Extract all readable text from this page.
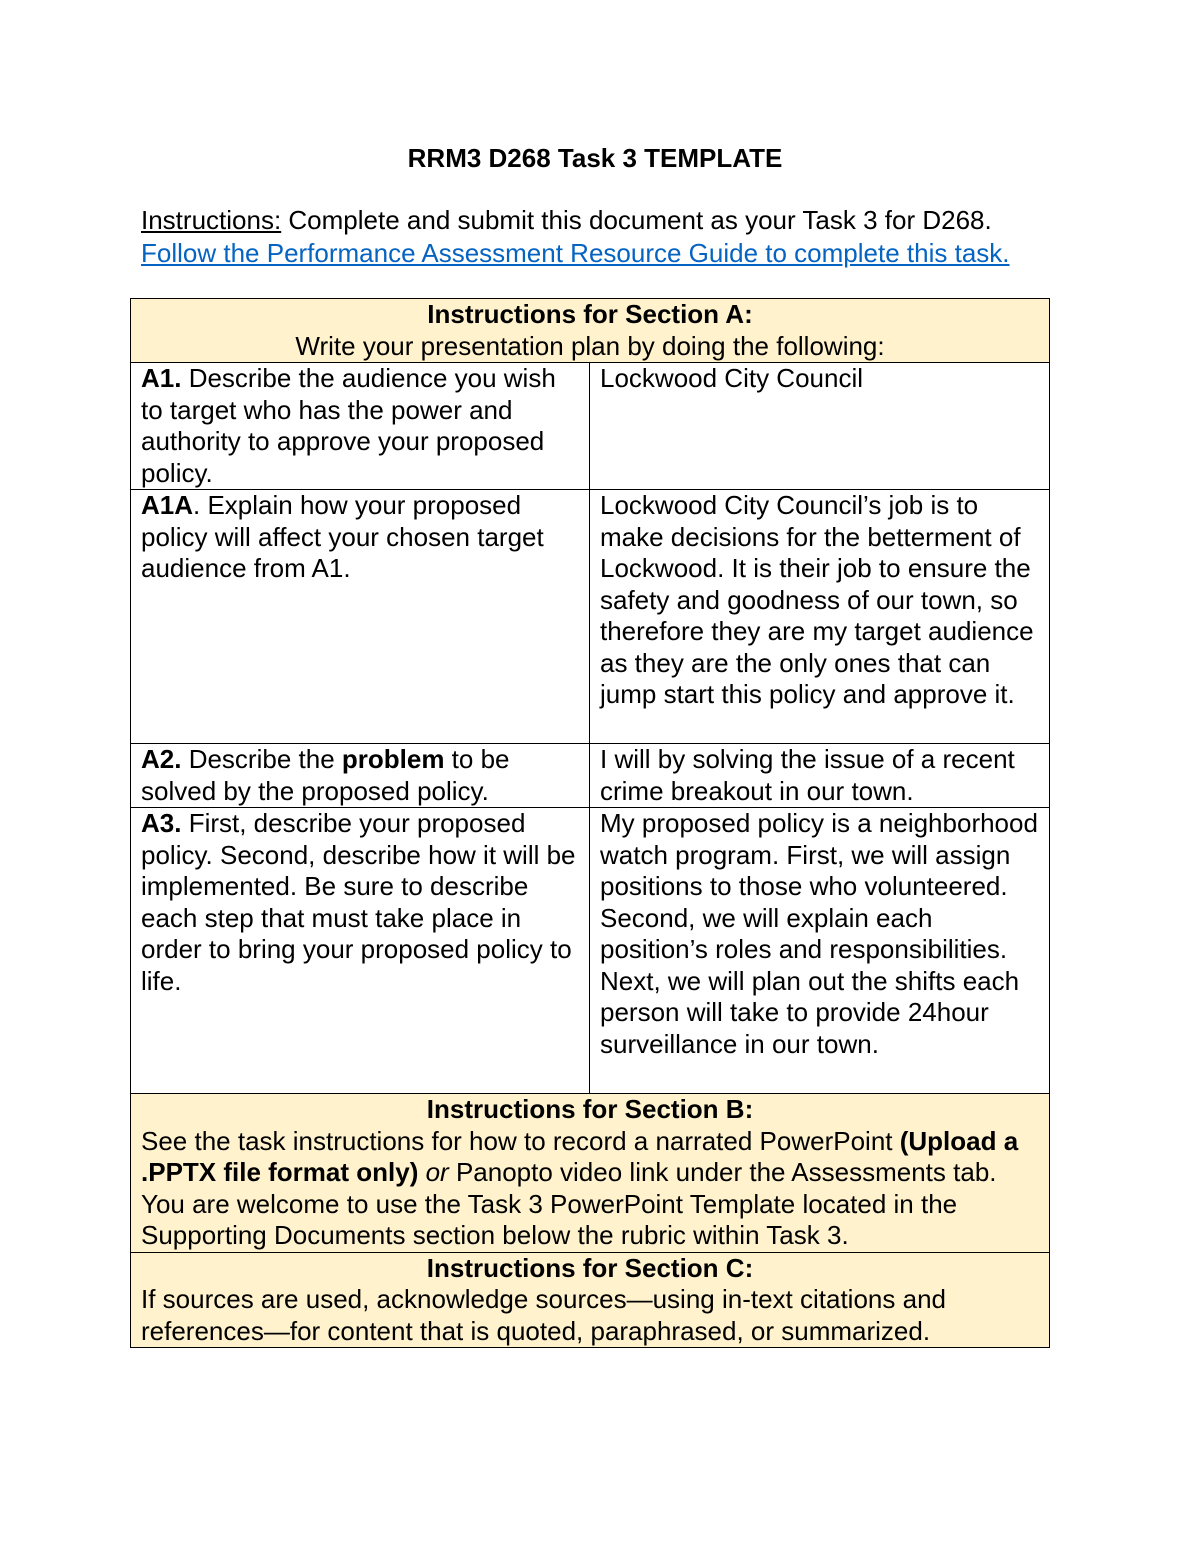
RRM3 D268 Task 3 TEMPLATE
Instructions: Complete and submit this document as your Task 3 for D268.
Follow the Performance Assessment Resource Guide to complete this task.
Instructions for Section A:
Write your presentation plan by doing the following:	

A1. Describe the audience you wish to target who has the power and authority to approve your proposed policy.	Lockwood City Council
A1A. Explain how your proposed policy will affect your chosen target audience from A1.	Lockwood City Council’s job is to make decisions for the betterment of Lockwood. It is their job to ensure the safety and goodness of our town, so therefore they are my target audience as they are the only ones that can jump start this policy and approve it.
A2. Describe the problem to be solved by the proposed policy.	I will by solving the issue of a recent crime breakout in our town.
A3. First, describe your proposed policy. Second, describe how it will be implemented. Be sure to describe each step that must take place in order to bring your proposed policy to life.	My proposed policy is a neighborhood watch program. First, we will assign positions to those who volunteered. Second, we will explain each position’s roles and responsibilities. Next, we will plan out the shifts each person will take to provide 24hour surveillance in our town.

Instructions for Section B:
See the task instructions for how to record a narrated PowerPoint (Upload a .PPTX file format only) or Panopto video link under the Assessments tab. You are welcome to use the Task 3 PowerPoint Template located in the Supporting Documents section below the rubric within Task 3.	

Instructions for Section C:
If sources are used, acknowledge sources—using in-text citations and references—for content that is quoted, paraphrased, or summarized.	
